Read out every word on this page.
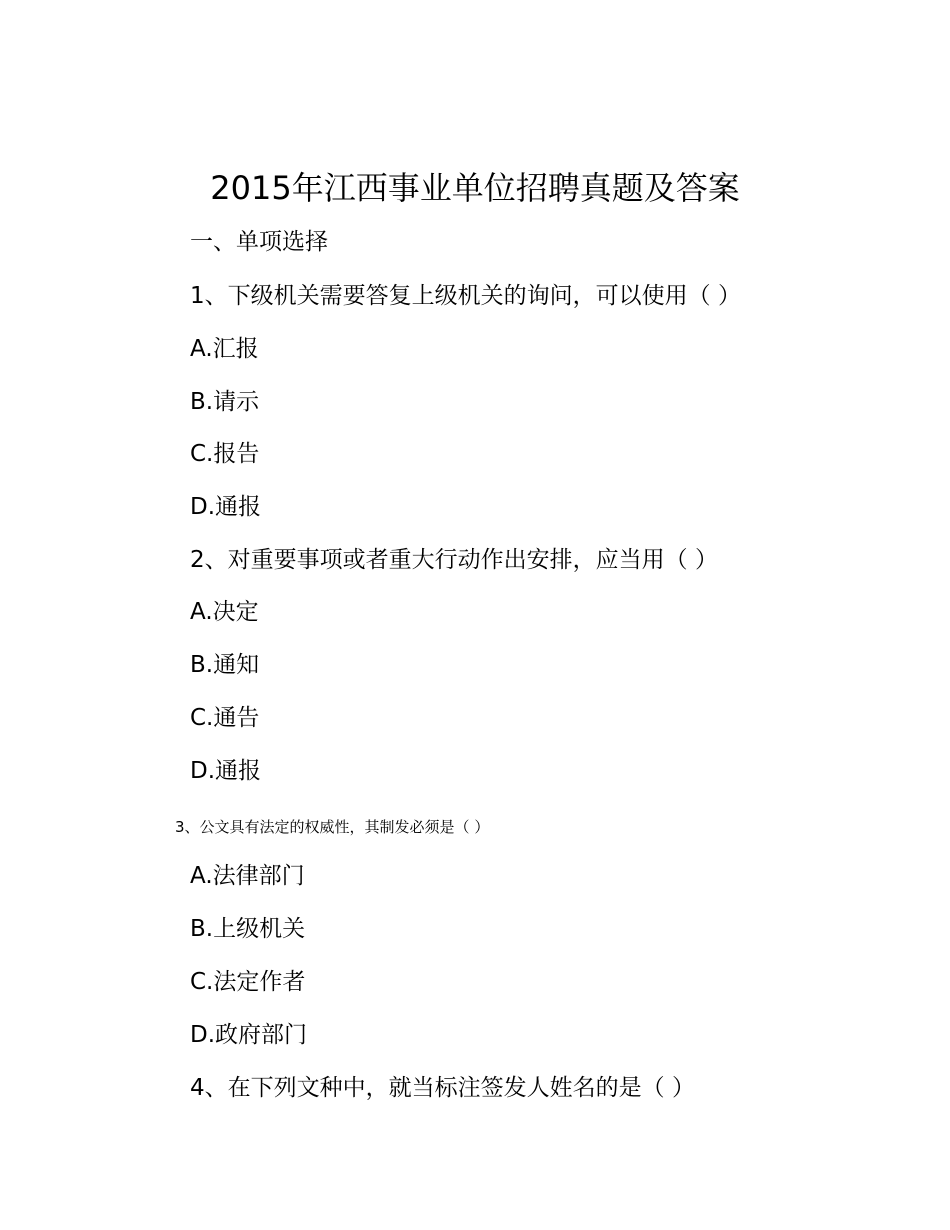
2015年江西事业单位招聘真题及答案
一、单项选择
1、下级机关需要答复上级机关的询问，可以使用（ ）
A.汇报
B.请示
C.报告
D.通报
2、对重要事项或者重大行动作出安排，应当用（ ）
A.决定
B.通知
C.通告
D.通报
3、公文具有法定的权威性，其制发必须是（ ）
A.法律部门
B.上级机关
C.法定作者
D.政府部门
4、在下列文种中，就当标注签发人姓名的是（ ）
